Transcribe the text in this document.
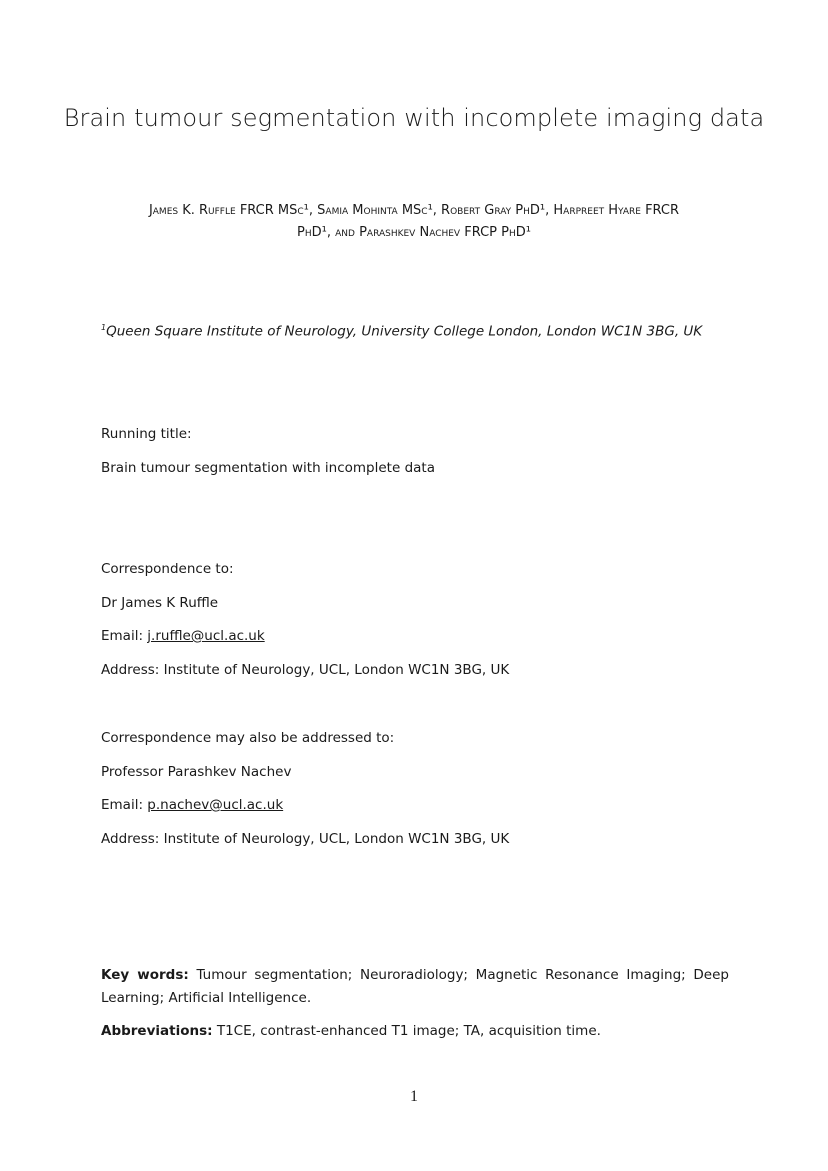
Brain tumour segmentation with incomplete imaging data
James K. Ruffle FRCR MSc¹, Samia Mohinta MSc¹, Robert Gray PhD¹, Harpreet Hyare FRCR
PhD¹, and Parashkev Nachev FRCP PhD¹
$^1$Queen Square Institute of Neurology, University College London, London WC1N 3BG, UK
Running title:
Brain tumour segmentation with incomplete data
Correspondence to:
Dr James K Ruffle
Email: j.ruffle@ucl.ac.uk
Address: Institute of Neurology, UCL, London WC1N 3BG, UK
Correspondence may also be addressed to:
Professor Parashkev Nachev
Email: p.nachev@ucl.ac.uk
Address: Institute of Neurology, UCL, London WC1N 3BG, UK
Key words: Tumour segmentation; Neuroradiology; Magnetic Resonance Imaging; Deep Learning; Artificial Intelligence.
Abbreviations: T1CE, contrast-enhanced T1 image; TA, acquisition time.
1
